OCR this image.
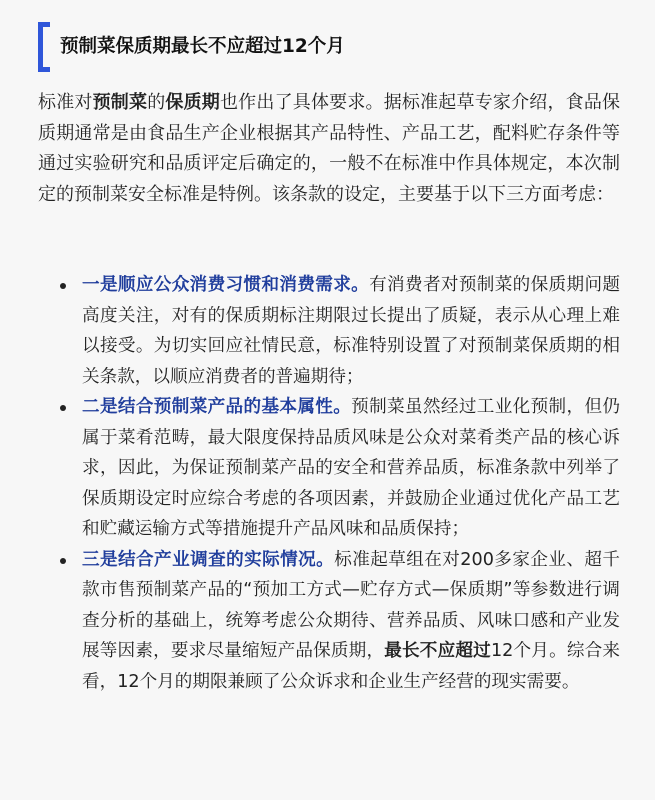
预制菜保质期最长不应超过12个月

标准对预制菜的保质期也作出了具体要求。据标准起草专家介绍，食品保质期通常是由食品生产企业根据其产品特性、产品工艺，配料贮存条件等通过实验研究和品质评定后确定的，一般不在标准中作具体规定，本次制定的预制菜安全标准是特例。该条款的设定，主要基于以下三方面考虑：

一是顺应公众消费习惯和消费需求。有消费者对预制菜的保质期问题高度关注，对有的保质期标注期限过长提出了质疑，表示从心理上难以接受。为切实回应社情民意，标准特别设置了对预制菜保质期的相关条款，以顺应消费者的普遍期待；
二是结合预制菜产品的基本属性。预制菜虽然经过工业化预制，但仍属于菜肴范畴，最大限度保持品质风味是公众对菜肴类产品的核心诉求，因此，为保证预制菜产品的安全和营养品质，标准条款中列举了保质期设定时应综合考虑的各项因素，并鼓励企业通过优化产品工艺和贮藏运输方式等措施提升产品风味和品质保持；
三是结合产业调查的实际情况。标准起草组在对200多家企业、超千款市售预制菜产品的“预加工方式—贮存方式—保质期”等参数进行调查分析的基础上，统筹考虑公众期待、营养品质、风味口感和产业发展等因素，要求尽量缩短产品保质期，最长不应超过12个月。综合来看，12个月的期限兼顾了公众诉求和企业生产经营的现实需要。
